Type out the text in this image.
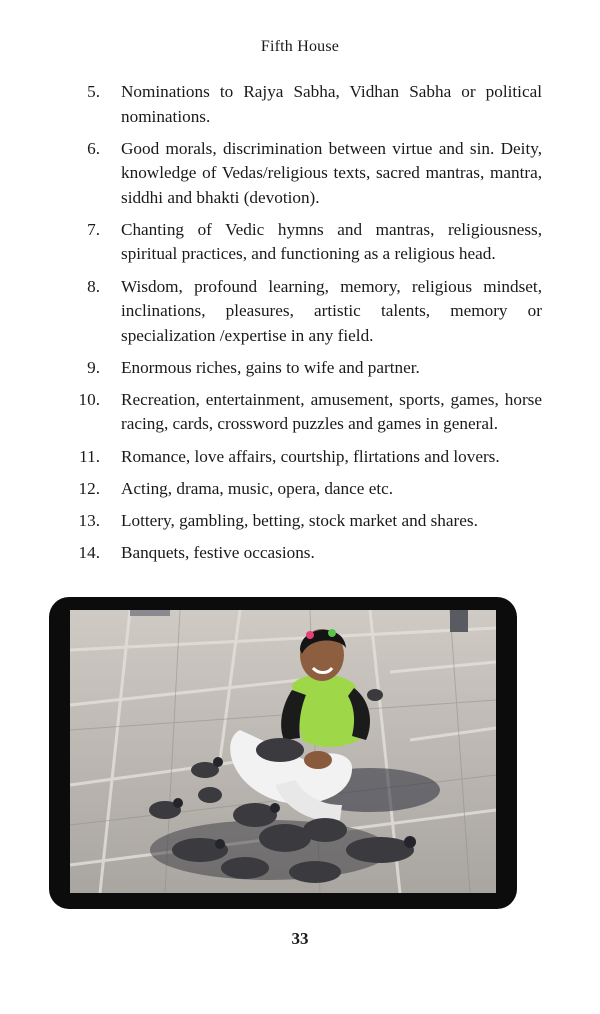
Fifth House
5.	Nominations to Rajya Sabha, Vidhan Sabha or political nominations.
6.	Good morals, discrimination between virtue and sin. Deity, knowledge of Vedas/religious texts, sacred mantras, mantra, siddhi and bhakti (devotion).
7.	Chanting of Vedic hymns and mantras, religiousness, spiritual practices, and functioning as a religious head.
8.	Wisdom, profound learning, memory, religious mindset, inclinations, pleasures, artistic talents, memory or specialization /expertise in any field.
9.	Enormous riches, gains to wife and partner.
10.	Recreation, entertainment, amusement, sports, games, horse racing, cards, crossword puzzles and games in general.
11.	Romance, love affairs, courtship, flirtations and lovers.
12.	Acting, drama, music, opera, dance etc.
13.	Lottery, gambling, betting, stock market and shares.
14.	Banquets, festive occasions.
33
